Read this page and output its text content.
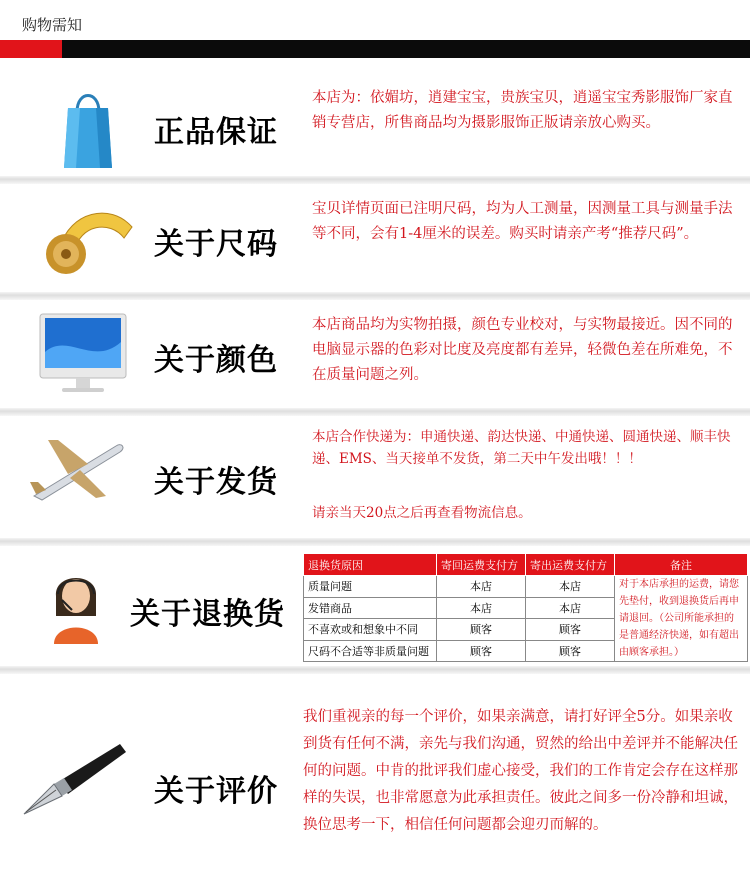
购物需知
正品保证
本店为：依媚坊，逍建宝宝，贵族宝贝，逍遥宝宝秀影服饰厂家直销专营店，所售商品均为摄影服饰正版请亲放心购买。
关于尺码
宝贝详情页面已注明尺码，均为人工测量，因测量工具与测量手法等不同，会有1-4厘米的误差。购买时请亲产考“推荐尺码”。
关于颜色
本店商品均为实物拍摄，颜色专业校对，与实物最接近。因不同的电脑显示器的色彩对比度及亮度都有差异，轻微色差在所难免，不在质量问题之列。
关于发货
本店合作快递为：申通快递、韵达快递、中通快递、圆通快递、顺丰快递、EMS、当天接单不发货，第二天中午发出哦！！！
请亲当天20点之后再查看物流信息。
关于退换货
退换货原因	寄回运费支付方	寄出运费支付方	备注
质量问题	本店	本店	对于本店承担的运费，请您先垫付，收到退换货后再申请退回。（公司所能承担的是普通经济快递，如有超出由顾客承担。）
发错商品	本店	本店	
不喜欢或和想象中不同	顾客	顾客	
尺码不合适等非质量问题	顾客	顾客	
关于评价
我们重视亲的每一个评价，如果亲满意，请打好评全5分。如果亲收到货有任何不满，亲先与我们沟通，贸然的给出中差评并不能解决任何的问题。中肯的批评我们虚心接受，我们的工作肯定会存在这样那样的失误，也非常愿意为此承担责任。彼此之间多一份冷静和坦诚，换位思考一下，相信任何问题都会迎刃而解的。
